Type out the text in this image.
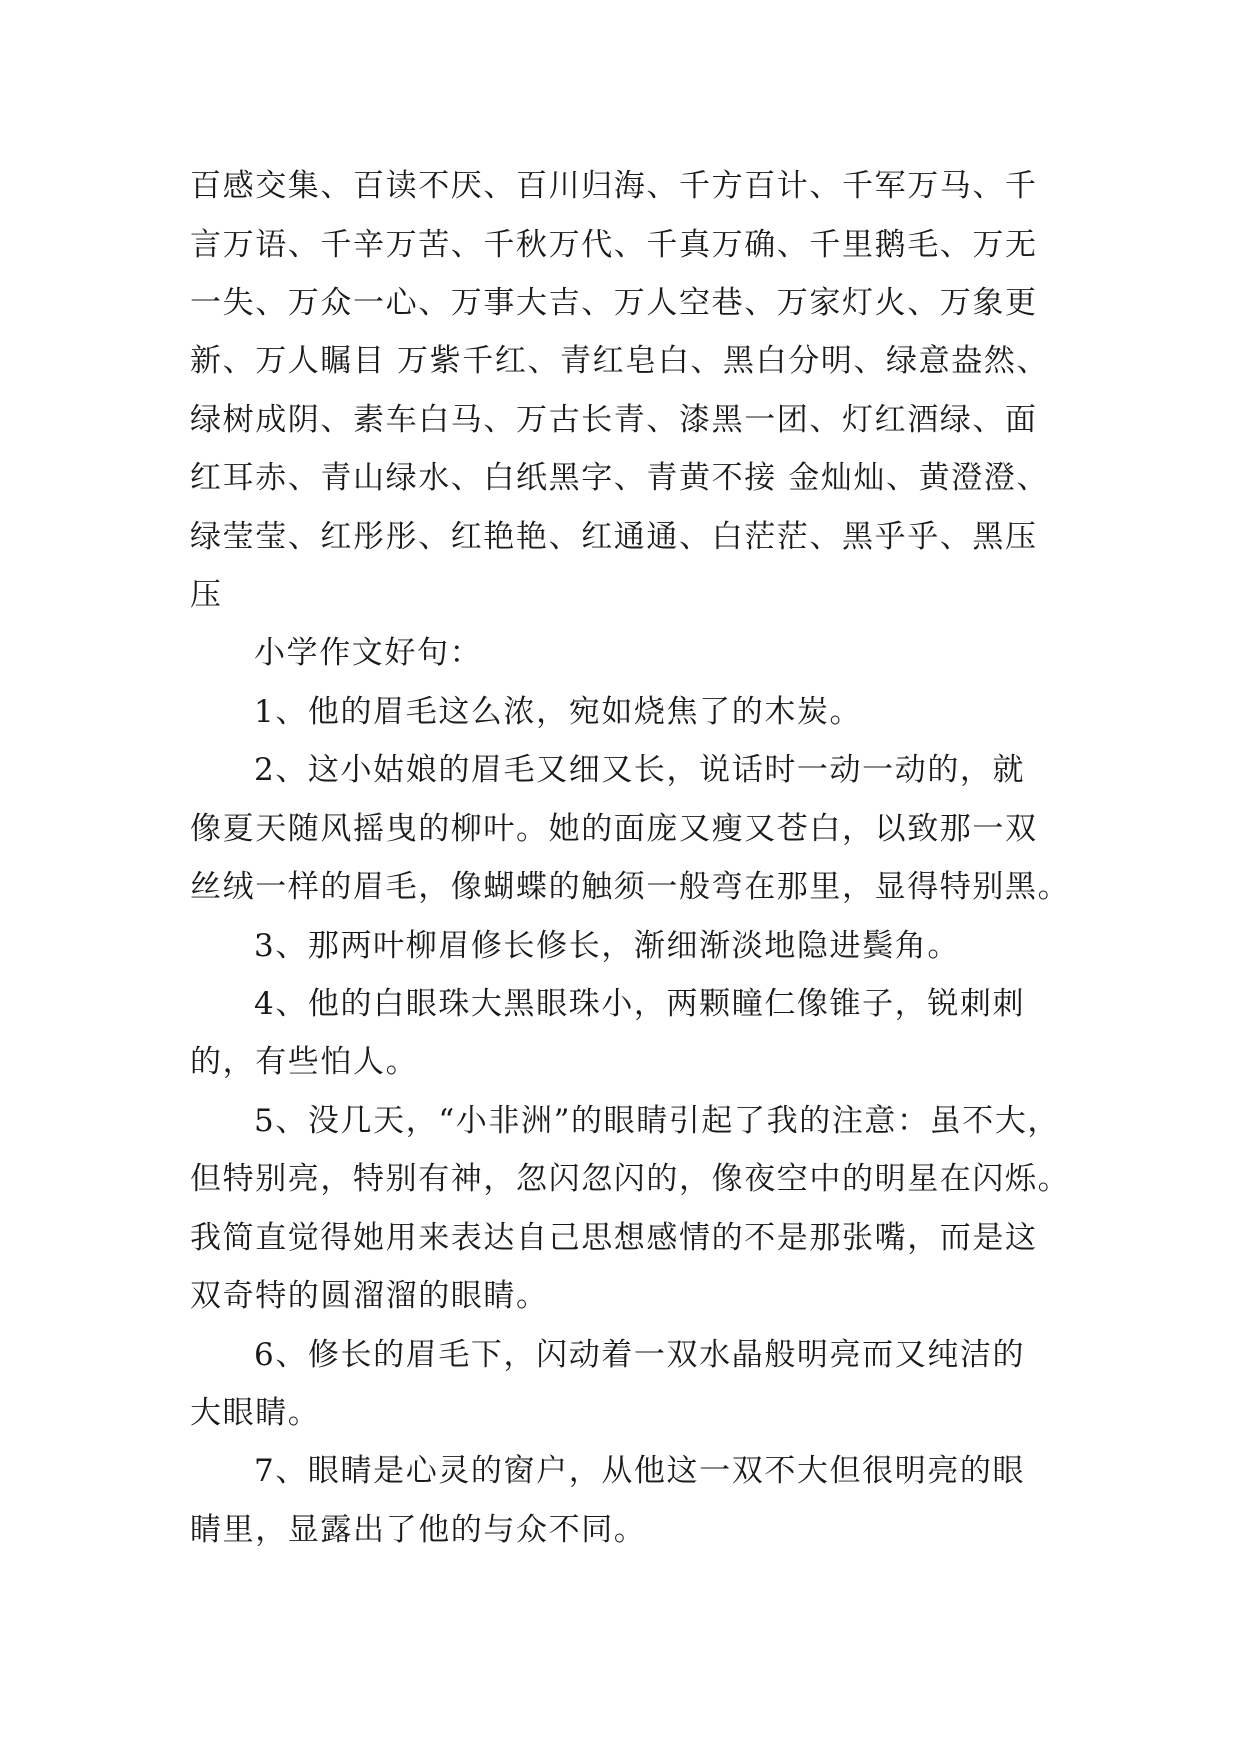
百感交集、百读不厌、百川归海、千方百计、千军万马、千

言万语、千辛万苦、千秋万代、千真万确、千里鹅毛、万无

一失、万众一心、万事大吉、万人空巷、万家灯火、万象更

新、万人瞩目 万紫千红、青红皂白、黑白分明、绿意盎然、

绿树成阴、素车白马、万古长青、漆黑一团、灯红酒绿、面

红耳赤、青山绿水、白纸黑字、青黄不接 金灿灿、黄澄澄、

绿莹莹、红彤彤、红艳艳、红通通、白茫茫、黑乎乎、黑压

压

小学作文好句：

1、他的眉毛这么浓，宛如烧焦了的木炭。

2、这小姑娘的眉毛又细又长，说话时一动一动的，就

像夏天随风摇曳的柳叶。她的面庞又瘦又苍白，以致那一双

丝绒一样的眉毛，像蝴蝶的触须一般弯在那里，显得特别黑。

3、那两叶柳眉修长修长，渐细渐淡地隐进鬓角。

4、他的白眼珠大黑眼珠小，两颗瞳仁像锥子，锐刺刺

的，有些怕人。

5、没几天，“小非洲”的眼睛引起了我的注意：虽不大，

但特别亮，特别有神，忽闪忽闪的，像夜空中的明星在闪烁。

我简直觉得她用来表达自己思想感情的不是那张嘴，而是这

双奇特的圆溜溜的眼睛。

6、修长的眉毛下，闪动着一双水晶般明亮而又纯洁的

大眼睛。

7、眼睛是心灵的窗户，从他这一双不大但很明亮的眼

睛里，显露出了他的与众不同。
